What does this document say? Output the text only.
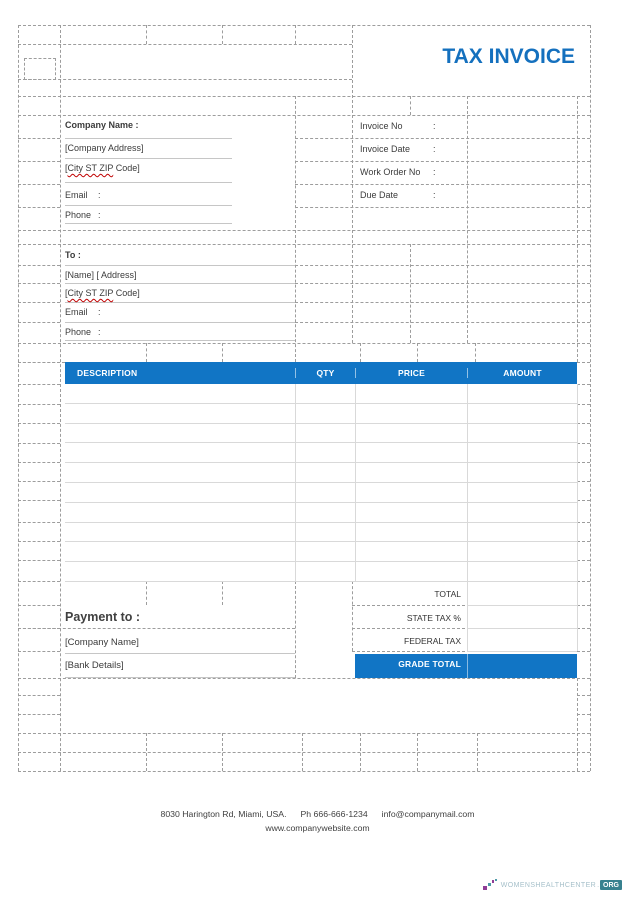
TAX INVOICE
Company Name :
[Company Address]
[City ST ZIP Code]
Email :
Phone :
Invoice No	:
Invoice Date	:
Work Order No :
Due Date	:
To :
[Name] [ Address]
[City ST ZIP Code]
Email :
Phone :
DESCRIPTION	QTY	PRICE	AMOUNT
TOTAL
STATE TAX %
FEDERAL TAX
GRADE TOTAL
Payment to :
[Company Name]
[Bank Details]
8030 Harington Rd, Miami, USA. Ph 666-666-1234 info@companymail.com
www.companywebsite.com
WOMENSHEALTHCENTER . ORG
